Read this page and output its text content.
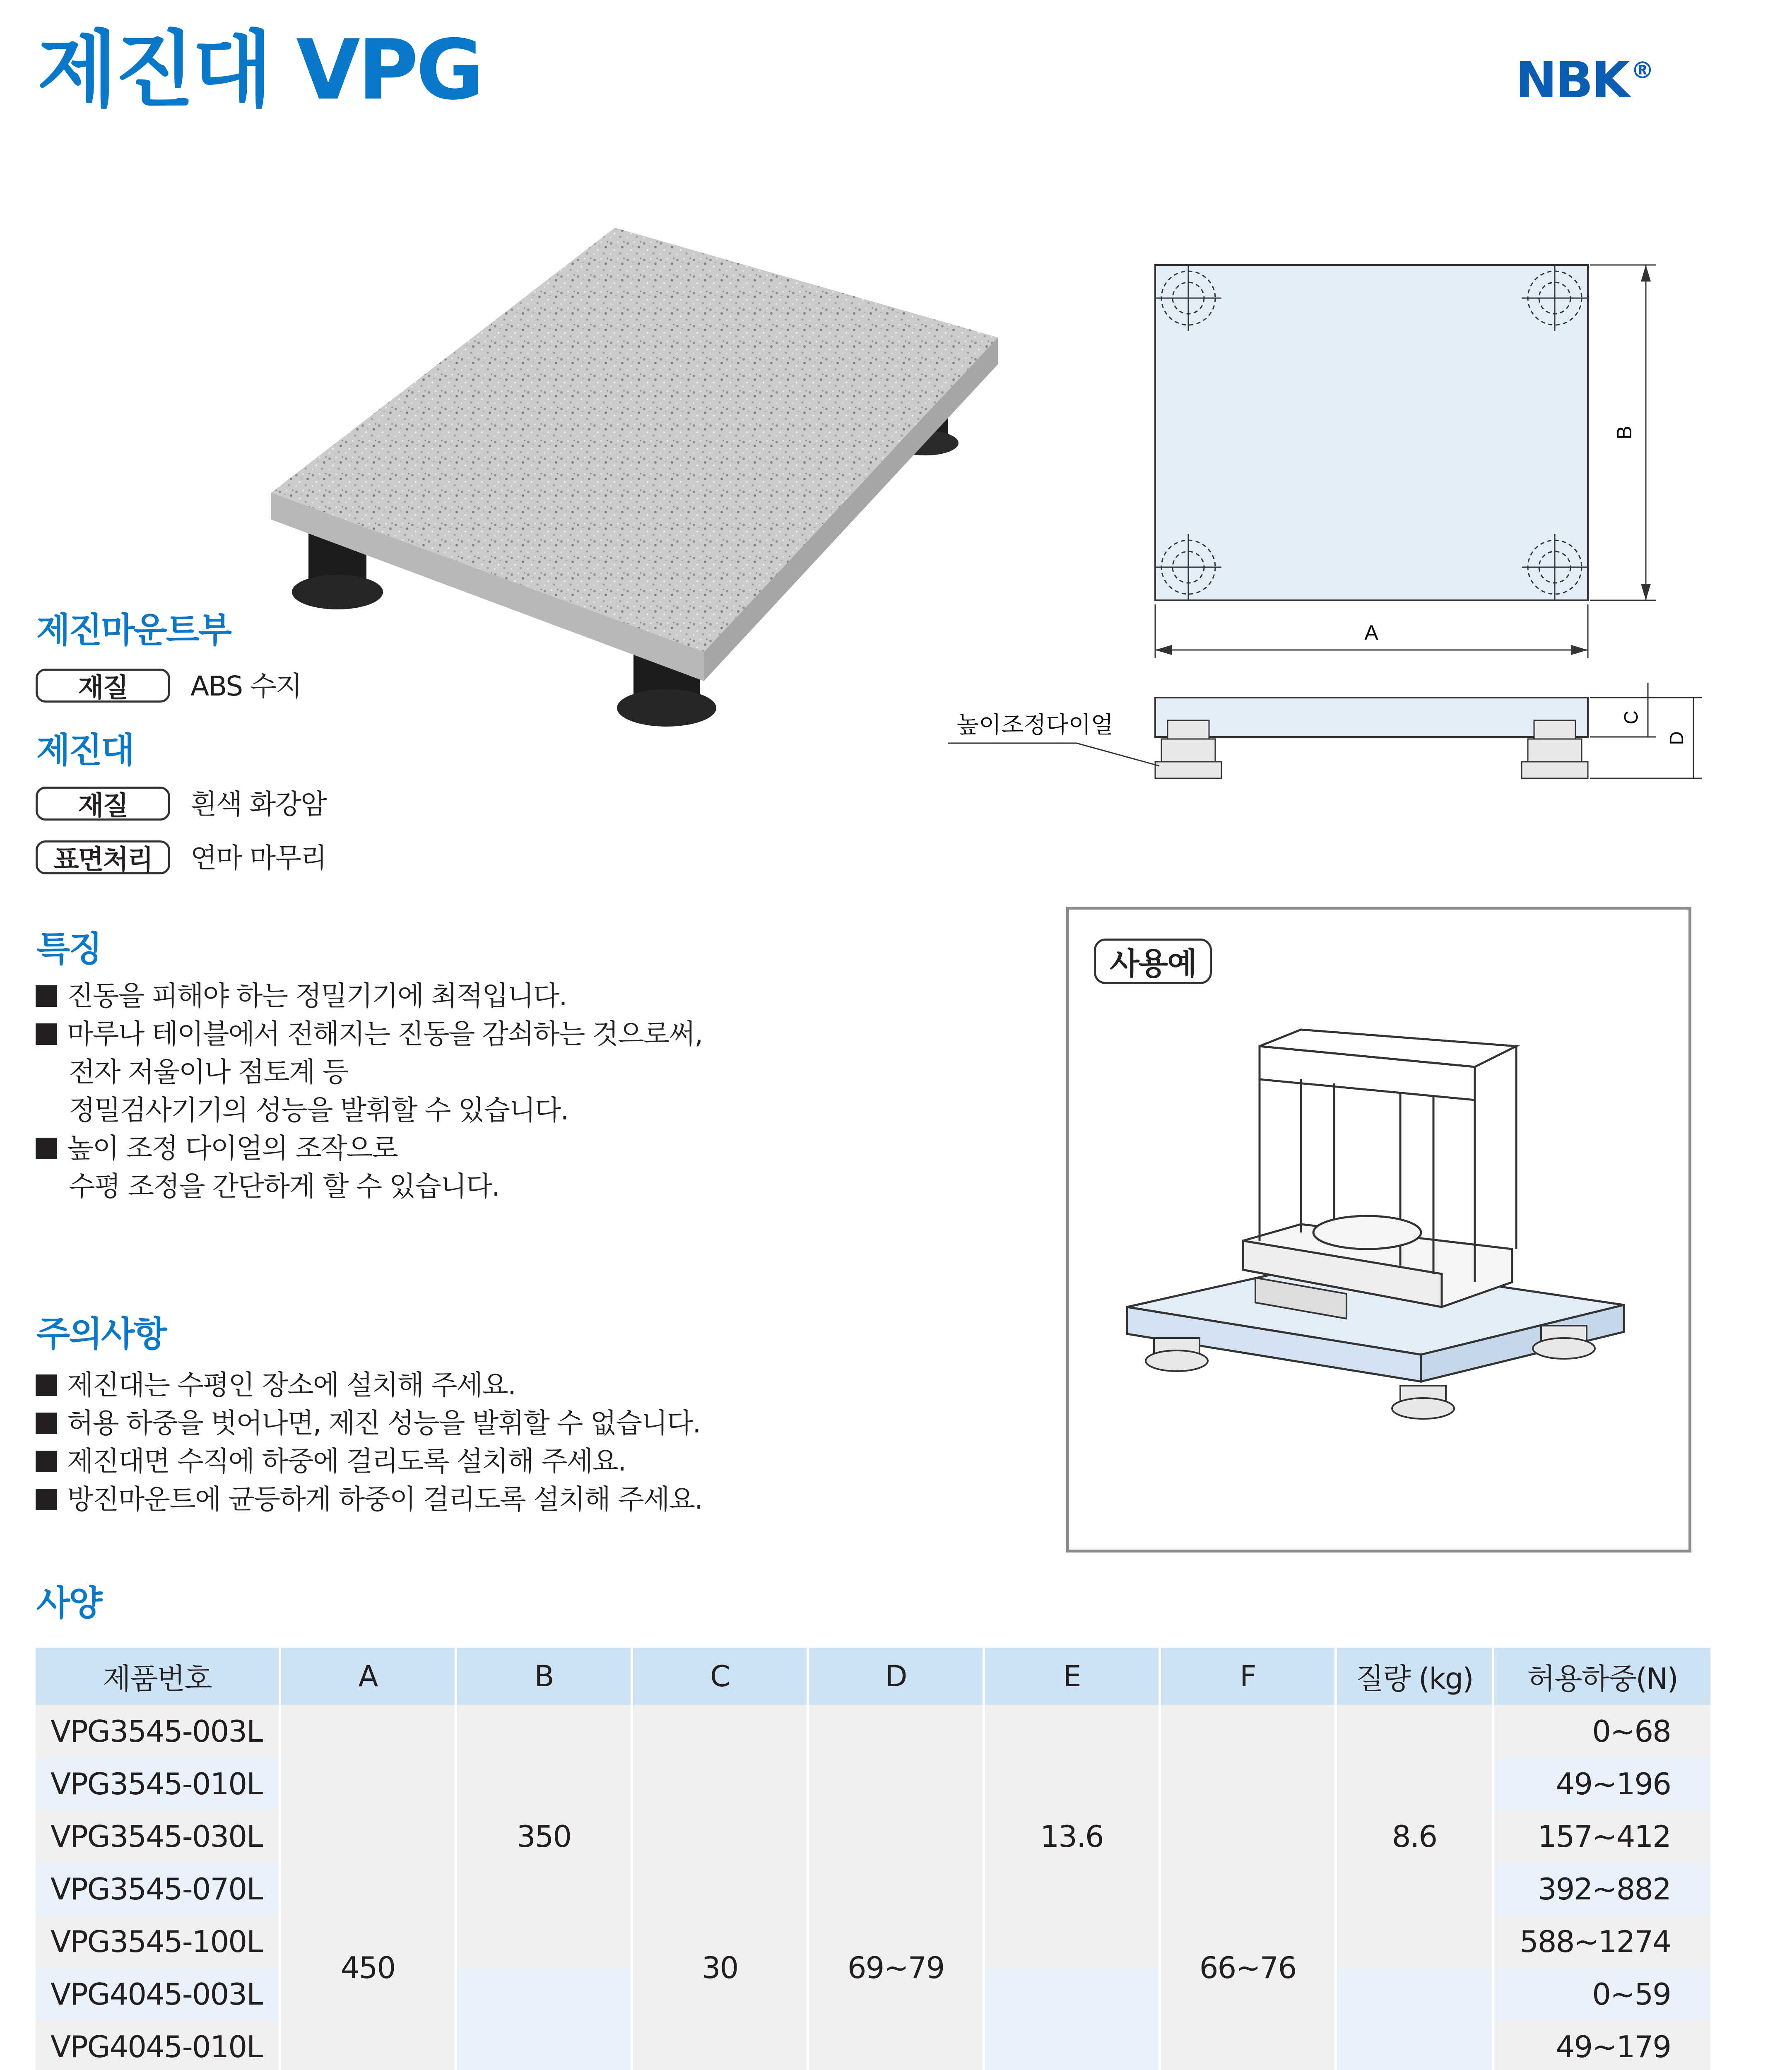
제진대 VPG	NBK ®
B
A
C
D
높이조정다이얼
제진마운트부
재질	ABS 수지
제진대
재질	흰색 화강암
표면처리	연마 마무리
특징
진동을 피해야 하는 정밀기기에 최적입니다.
마루나 테이블에서 전해지는 진동을 감쇠하는 것으로써,
전자 저울이나 점토계 등
정밀검사기기의 성능을 발휘할 수 있습니다.
높이 조정 다이얼의 조작으로
수평 조정을 간단하게 할 수 있습니다.
주의사항
제진대는 수평인 장소에 설치해 주세요.
허용 하중을 벗어나면, 제진 성능을 발휘할 수 없습니다.
제진대면 수직에 하중에 걸리도록 설치해 주세요.
방진마운트에 균등하게 하중이 걸리도록 설치해 주세요.
사용예
사양
제품번호	A	B	C	D	E	F	질량 (kg)	허용하중(N)
VPG3545-003L	450	350	30	69~79	13.6	66~76	8.6	0~68
VPG3545-010L								49~196
VPG3545-030L								157~412
VPG3545-070L								392~882
VPG3545-100L								588~1274
VPG4045-003L								0~59
VPG4045-010L								49~179
